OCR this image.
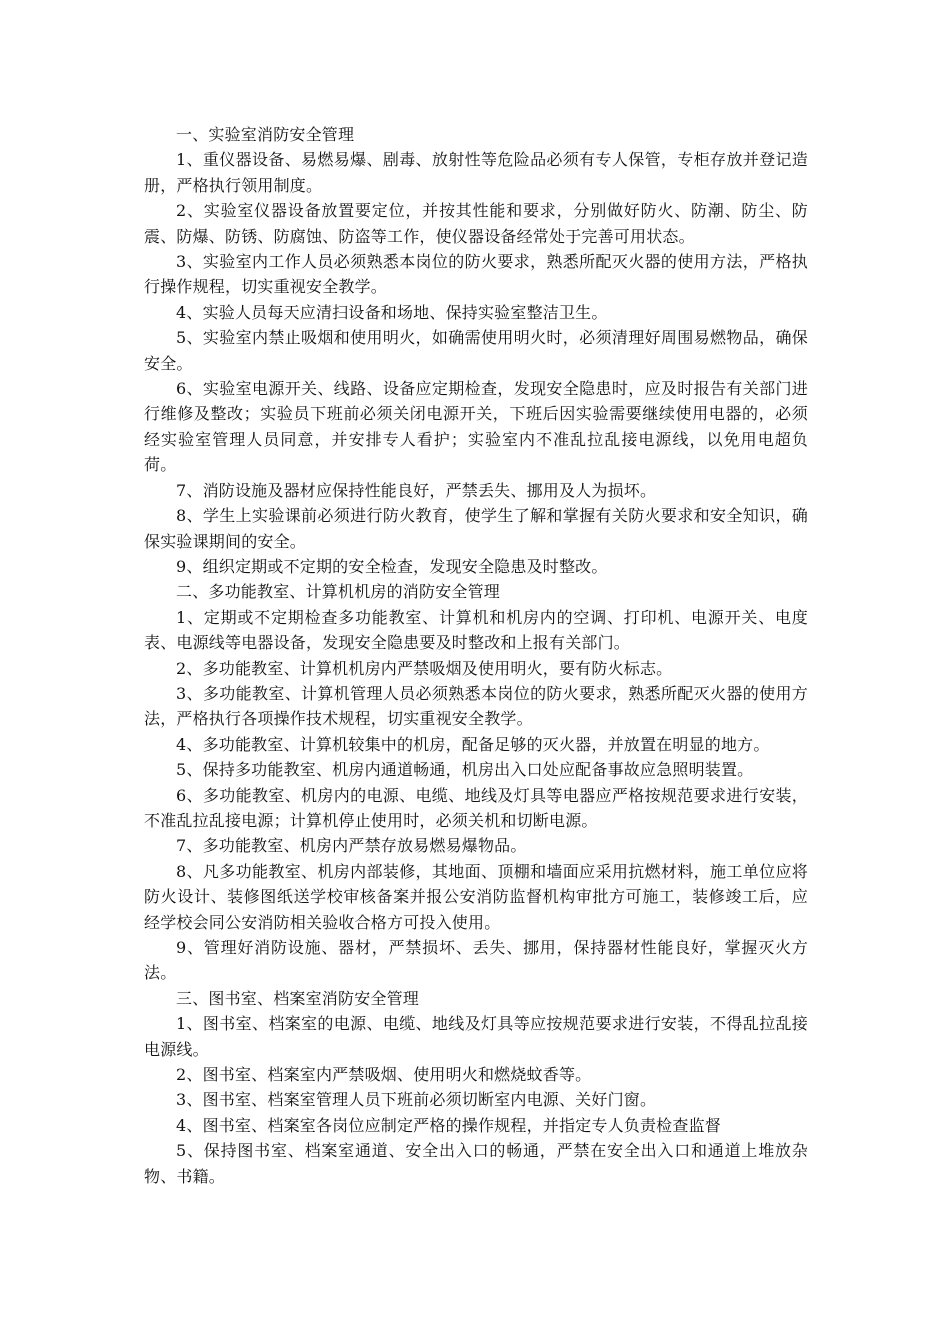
一、实验室消防安全管理

1、重仪器设备、易燃易爆、剧毒、放射性等危险品必须有专人保管，专柜存放并登记造册，严格执行领用制度。

2、实验室仪器设备放置要定位，并按其性能和要求，分别做好防火、防潮、防尘、防震、防爆、防锈、防腐蚀、防盗等工作，使仪器设备经常处于完善可用状态。

3、实验室内工作人员必须熟悉本岗位的防火要求，熟悉所配灭火器的使用方法，严格执行操作规程，切实重视安全教学。

4、实验人员每天应清扫设备和场地、保持实验室整洁卫生。

5、实验室内禁止吸烟和使用明火，如确需使用明火时，必须清理好周围易燃物品，确保安全。

6、实验室电源开关、线路、设备应定期检查，发现安全隐患时，应及时报告有关部门进行维修及整改；实验员下班前必须关闭电源开关，下班后因实验需要继续使用电器的，必须经实验室管理人员同意，并安排专人看护；实验室内不准乱拉乱接电源线，以免用电超负荷。

7、消防设施及器材应保持性能良好，严禁丢失、挪用及人为损坏。

8、学生上实验课前必须进行防火教育，使学生了解和掌握有关防火要求和安全知识，确保实验课期间的安全。

9、组织定期或不定期的安全检查，发现安全隐患及时整改。

二、多功能教室、计算机机房的消防安全管理

1、定期或不定期检查多功能教室、计算机和机房内的空调、打印机、电源开关、电度表、电源线等电器设备，发现安全隐患要及时整改和上报有关部门。

2、多功能教室、计算机机房内严禁吸烟及使用明火，要有防火标志。

3、多功能教室、计算机管理人员必须熟悉本岗位的防火要求，熟悉所配灭火器的使用方法，严格执行各项操作技术规程，切实重视安全教学。

4、多功能教室、计算机较集中的机房，配备足够的灭火器，并放置在明显的地方。

5、保持多功能教室、机房内通道畅通，机房出入口处应配备事故应急照明装置。

6、多功能教室、机房内的电源、电缆、地线及灯具等电器应严格按规范要求进行安装，不准乱拉乱接电源；计算机停止使用时，必须关机和切断电源。

7、多功能教室、机房内严禁存放易燃易爆物品。

8、凡多功能教室、机房内部装修，其地面、顶棚和墙面应采用抗燃材料，施工单位应将防火设计、装修图纸送学校审核备案并报公安消防监督机构审批方可施工，装修竣工后，应经学校会同公安消防相关验收合格方可投入使用。

9、管理好消防设施、器材，严禁损坏、丢失、挪用，保持器材性能良好，掌握灭火方法。

三、图书室、档案室消防安全管理

1、图书室、档案室的电源、电缆、地线及灯具等应按规范要求进行安装，不得乱拉乱接电源线。

2、图书室、档案室内严禁吸烟、使用明火和燃烧蚊香等。

3、图书室、档案室管理人员下班前必须切断室内电源、关好门窗。

4、图书室、档案室各岗位应制定严格的操作规程，并指定专人负责检查监督

5、保持图书室、档案室通道、安全出入口的畅通，严禁在安全出入口和通道上堆放杂物、书籍。
